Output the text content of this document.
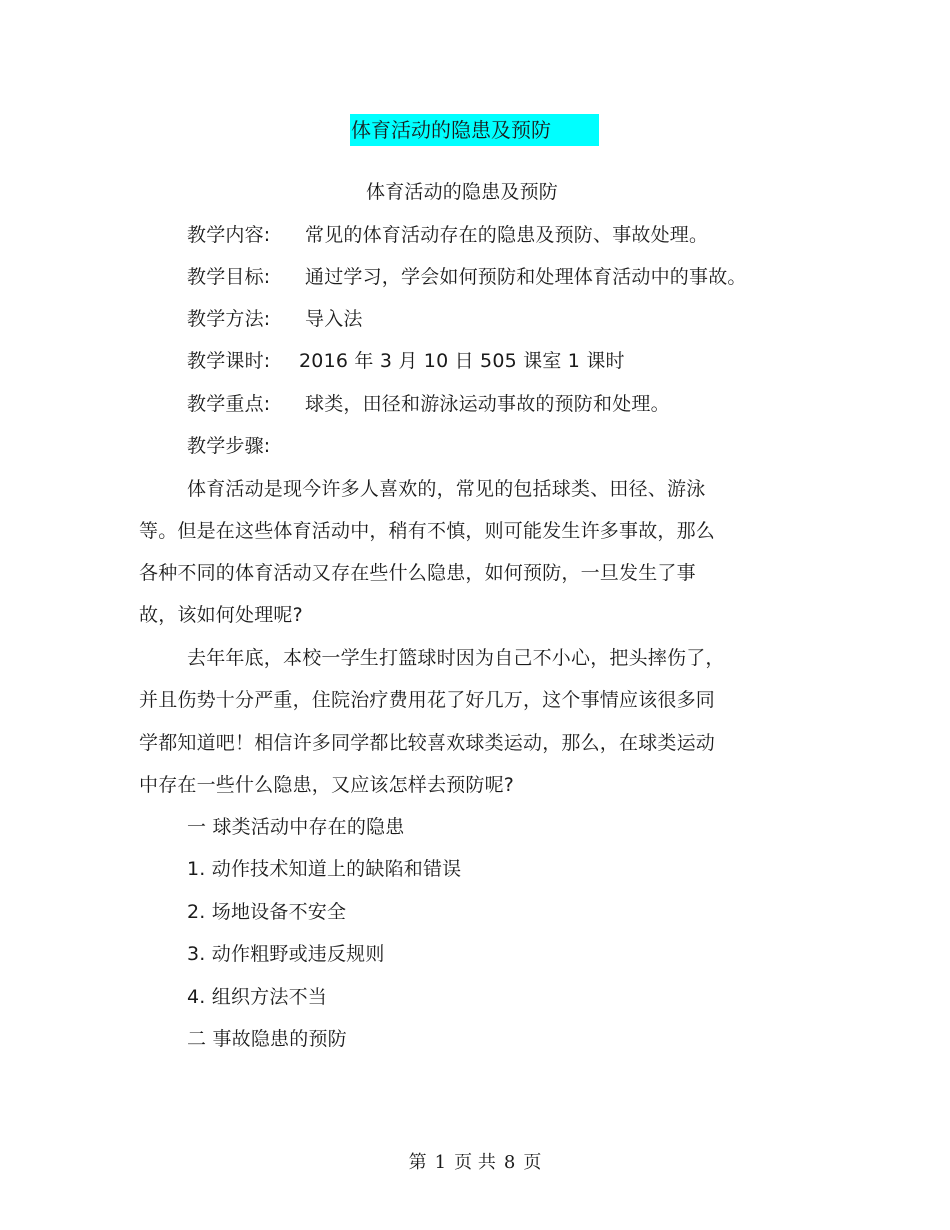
体育活动的隐患及预防
体育活动的隐患及预防
教学内容: 常见的体育活动存在的隐患及预防、事故处理。
教学目标: 通过学习，学会如何预防和处理体育活动中的事故。
教学方法: 导入法
教学课时: 2016 年 3 月 10 日 505 课室 1 课时
教学重点: 球类，田径和游泳运动事故的预防和处理。
教学步骤:
体育活动是现今许多人喜欢的，常见的包括球类、田径、游泳
等。但是在这些体育活动中，稍有不慎，则可能发生许多事故，那么
各种不同的体育活动又存在些什么隐患，如何预防，一旦发生了事
故，该如何处理呢?
去年年底，本校一学生打篮球时因为自己不小心，把头摔伤了，
并且伤势十分严重，住院治疗费用花了好几万，这个事情应该很多同
学都知道吧！相信许多同学都比较喜欢球类运动，那么，在球类运动
中存在一些什么隐患，又应该怎样去预防呢?
一 球类活动中存在的隐患
1. 动作技术知道上的缺陷和错误
2. 场地设备不安全
3. 动作粗野或违反规则
4. 组织方法不当
二 事故隐患的预防
第 1 页 共 8 页
